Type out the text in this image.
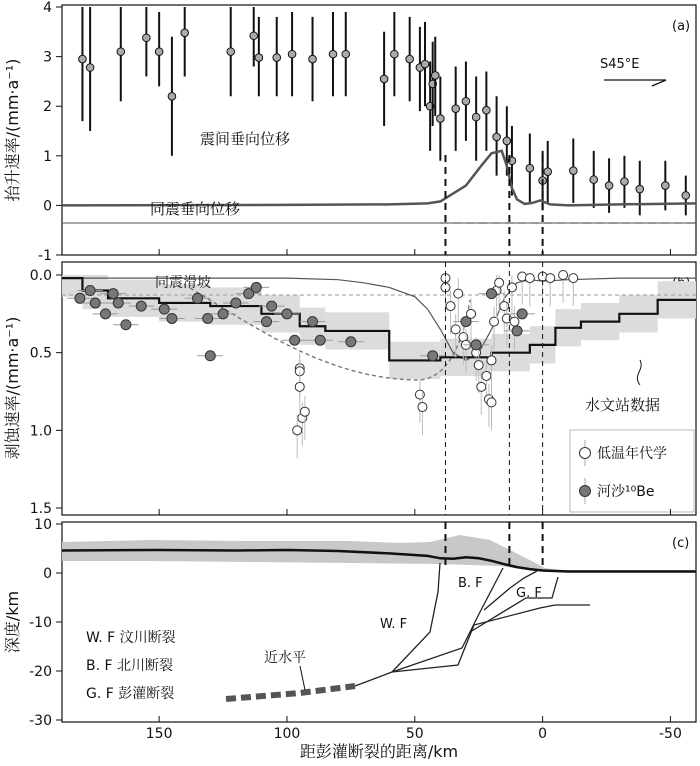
(a)
-1
0
1
2
3
4
抬升速率/(mm·a⁻¹)	震间垂向位移
同震垂向位移
S45°E
0.0
0.5
1.0
1.5
剥蚀速率/(mm·a⁻¹)
同震滑坡
水文站数据
低温年代学
河沙¹⁰Be
(c)
10
0
-10
-20
-30
深度/km
近水平
W. F
B. F
G. F
W. F 汶川断裂
B. F 北川断裂
G. F 彭灌断裂
150	100	50	0	-50
距彭灌断裂的距离/km
